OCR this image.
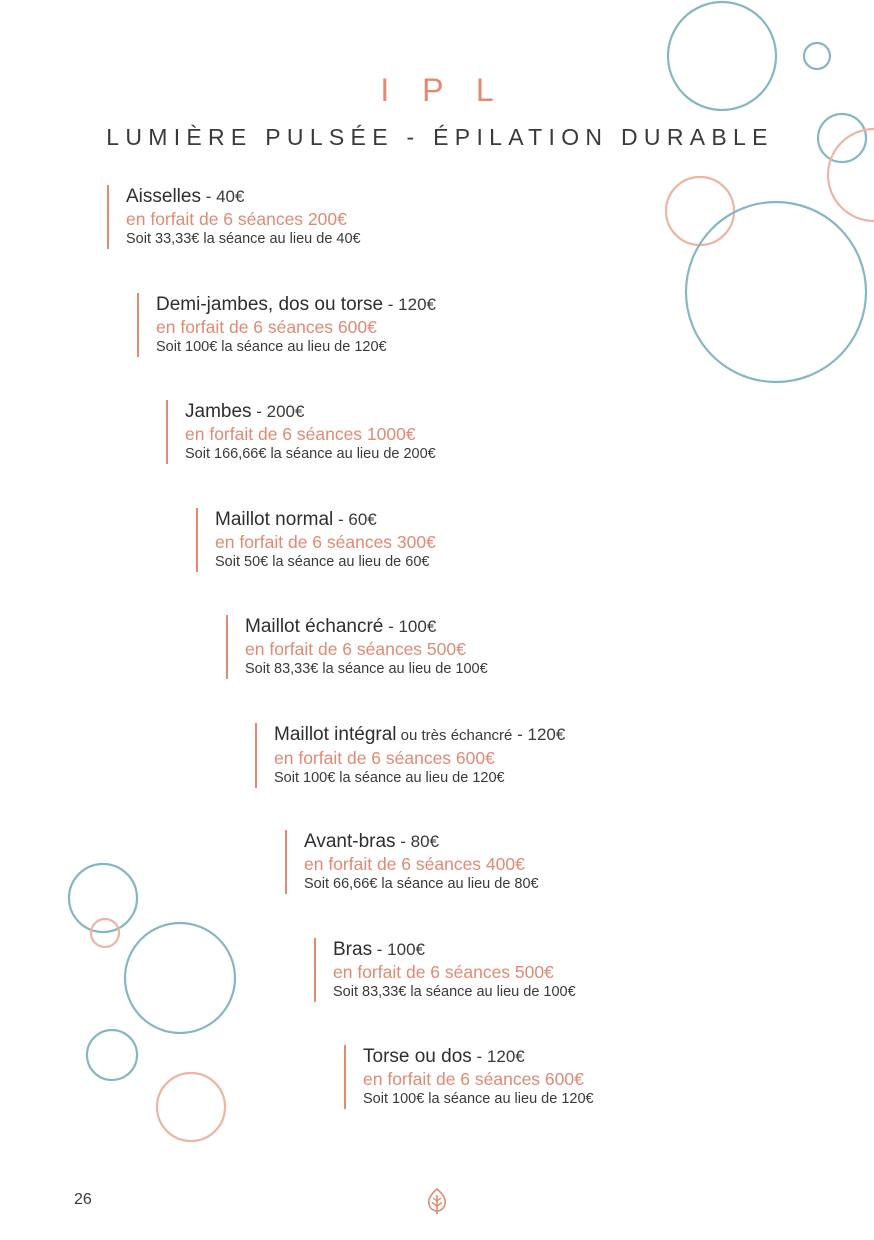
I P L
LUMIÈRE PULSÉE - ÉPILATION DURABLE
Aisselles - 40€
en forfait de 6 séances 200€
Soit 33,33€ la séance au lieu de 40€
Demi-jambes, dos ou torse - 120€
en forfait de 6 séances 600€
Soit 100€ la séance au lieu de 120€
Jambes - 200€
en forfait de 6 séances 1000€
Soit 166,66€ la séance au lieu de 200€
Maillot normal - 60€
en forfait de 6 séances 300€
Soit 50€ la séance au lieu de 60€
Maillot échancré - 100€
en forfait de 6 séances 500€
Soit 83,33€ la séance au lieu de 100€
Maillot intégral ou très échancré - 120€
en forfait de 6 séances 600€
Soit 100€ la séance au lieu de 120€
Avant-bras - 80€
en forfait de 6 séances 400€
Soit 66,66€ la séance au lieu de 80€
Bras - 100€
en forfait de 6 séances 500€
Soit 83,33€ la séance au lieu de 100€
Torse ou dos - 120€
en forfait de 6 séances 600€
Soit 100€ la séance au lieu de 120€
26
